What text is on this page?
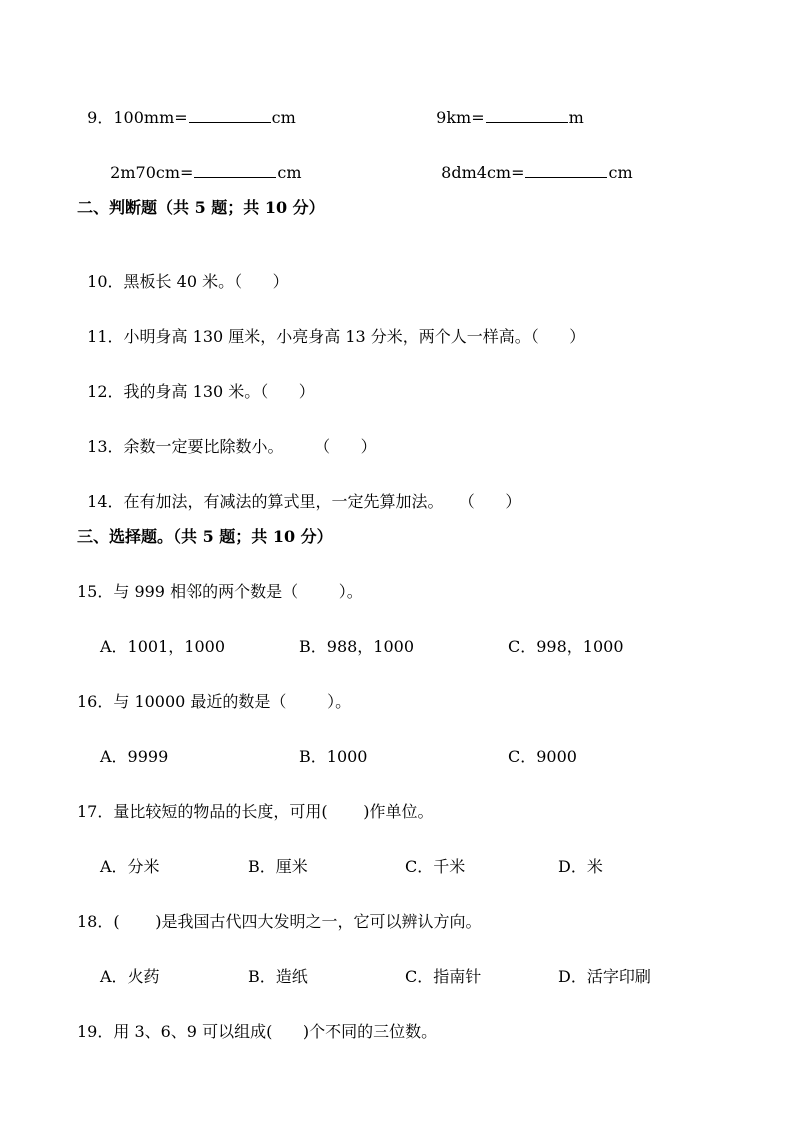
9．100mm=	cm	9km=	m

2m70cm=	cm	8dm4cm=	cm

二、判断题（共 5 题；共 10 分）

10．黑板长 40 米。（      ）

11．小明身高 130 厘米，小亮身高 13 分米，两个人一样高。（      ）

12．我的身高 130 米。（      ）

13．余数一定要比除数小。      （      ）

14．在有加法，有减法的算式里，一定先算加法。   （      ）

三、选择题。（共 5 题；共 10 分）
15．与 999 相邻的两个数是（        ）。
A．1001，1000	B．988，1000	C．998，1000
16．与 10000 最近的数是（        ）。
A．9999	B．1000	C．9000
17．量比较短的物品的长度，可用(       )作单位。
A．分米	B．厘米	C．千米	D．米
18．(       )是我国古代四大发明之一，它可以辨认方向。
A．火药	B．造纸	C．指南针	D．活字印刷
19．用 3、6、9 可以组成(      )个不同的三位数。
